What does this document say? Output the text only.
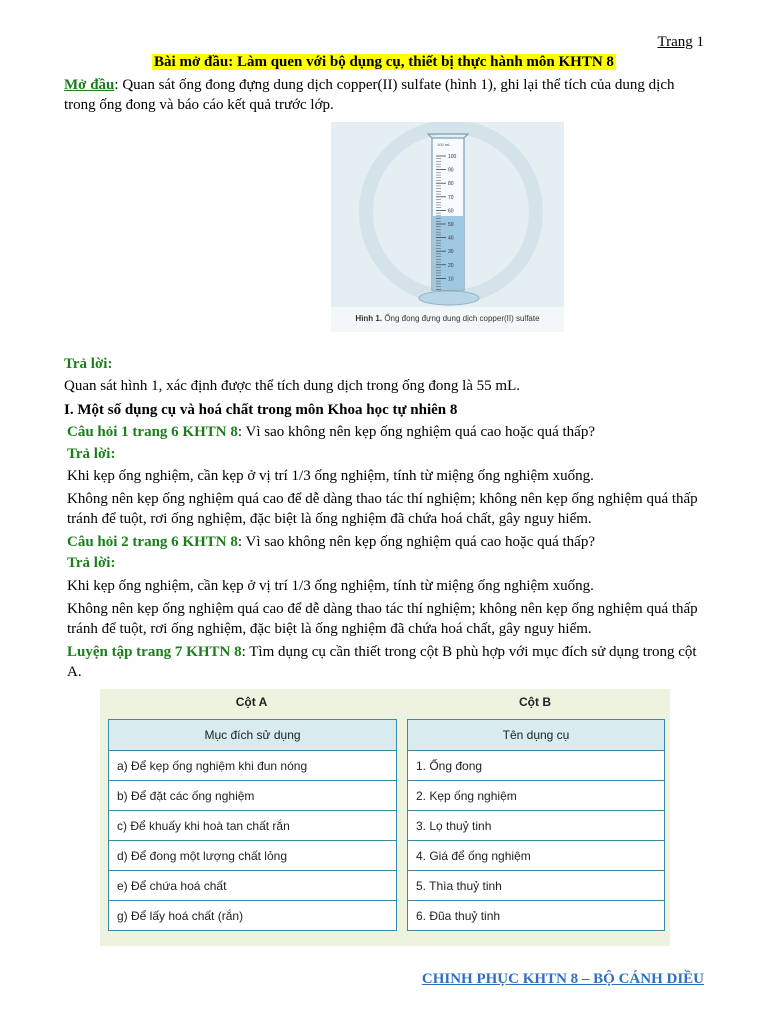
Trang 1
Bài mở đầu: Làm quen với bộ dụng cụ, thiết bị thực hành môn KHTN 8
Mở đầu: Quan sát ống đong đựng dung dịch copper(II) sulfate (hình 1), ghi lại thể tích của dung dịch trong ống đong và báo cáo kết quả trước lớp.
100
90
80
70
60
50
40
30
20
10
100 mL
Hình 1. Ống đong đựng dung dịch copper(II) sulfate
Trả lời:
Quan sát hình 1, xác định được thể tích dung dịch trong ống đong là 55 mL.
I. Một số dụng cụ và hoá chất trong môn Khoa học tự nhiên 8
Câu hỏi 1 trang 6 KHTN 8: Vì sao không nên kẹp ống nghiệm quá cao hoặc quá thấp?
Trả lời:
Khi kẹp ống nghiệm, cần kẹp ở vị trí 1/3 ống nghiệm, tính từ miệng ống nghiệm xuống.
Không nên kẹp ống nghiệm quá cao để dễ dàng thao tác thí nghiệm; không nên kẹp ống nghiệm quá thấp tránh để tuột, rơi ống nghiệm, đặc biệt là ống nghiệm đã chứa hoá chất, gây nguy hiểm.
Câu hỏi 2 trang 6 KHTN 8: Vì sao không nên kẹp ống nghiệm quá cao hoặc quá thấp?
Trả lời:
Khi kẹp ống nghiệm, cần kẹp ở vị trí 1/3 ống nghiệm, tính từ miệng ống nghiệm xuống.
Không nên kẹp ống nghiệm quá cao để dễ dàng thao tác thí nghiệm; không nên kẹp ống nghiệm quá thấp tránh để tuột, rơi ống nghiệm, đặc biệt là ống nghiệm đã chứa hoá chất, gây nguy hiểm.
Luyện tập trang 7 KHTN 8: Tìm dụng cụ cần thiết trong cột B phù hợp với mục đích sử dụng trong cột A.
Cột A	Cột B
Mục đích sử dụng
a) Để kẹp ống nghiệm khi đun nóng
b) Để đặt các ống nghiệm
c) Để khuấy khi hoà tan chất rắn
d) Để đong một lượng chất lỏng
e) Để chứa hoá chất
g) Để lấy hoá chất (rắn)
Tên dụng cụ
1. Ống đong
2. Kẹp ống nghiệm
3. Lọ thuỷ tinh
4. Giá để ống nghiệm
5. Thìa thuỷ tinh
6. Đũa thuỷ tinh
CHINH PHỤC KHTN 8 – BỘ CÁNH DIỀU
